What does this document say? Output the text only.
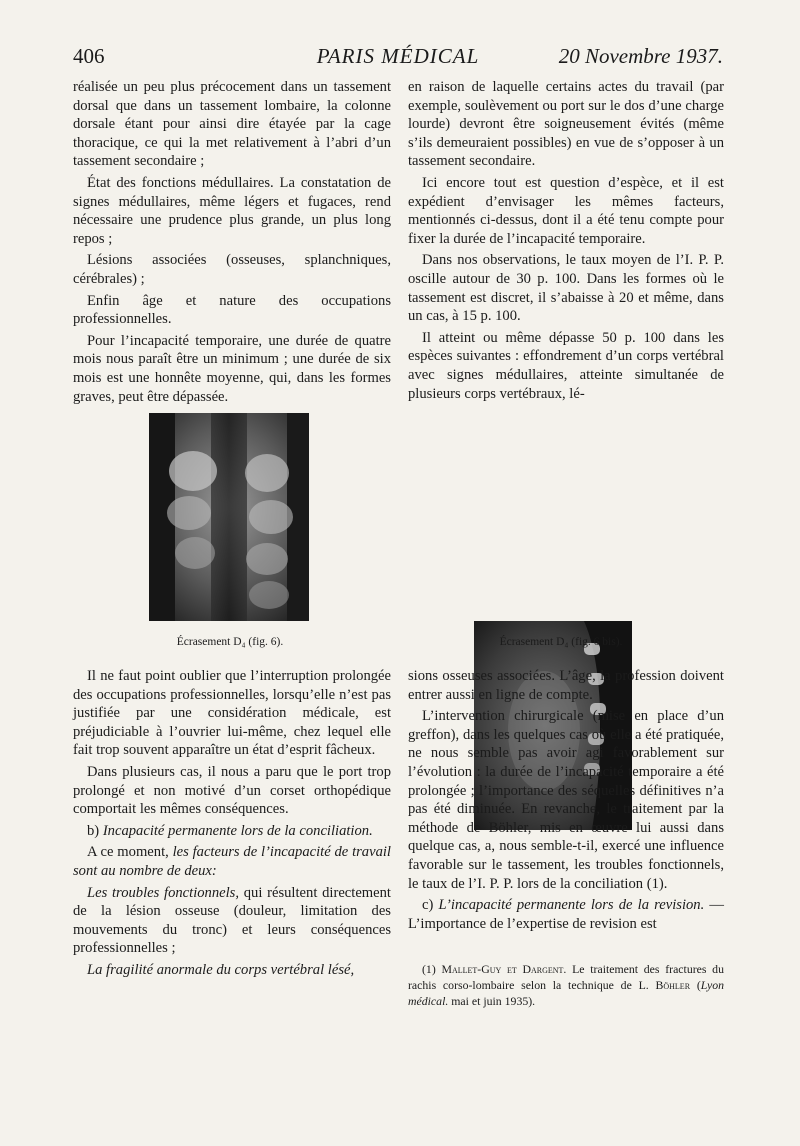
406	PARIS MÉDICAL	20 Novembre 1937.

réalisée un peu plus précocement dans un tassement dorsal que dans un tassement lombaire, la colonne dorsale étant pour ainsi dire étayée par la cage thoracique, ce qui la met relativement à l’abri d’un tassement secondaire ;

État des fonctions médullaires. La constatation de signes médullaires, même légers et fugaces, rend nécessaire une prudence plus grande, un plus long repos ;

Lésions associées (osseuses, splanchniques, cérébrales) ;

Enfin âge et nature des occupations professionnelles.

Pour l’incapacité temporaire, une durée de quatre mois nous paraît être un minimum ; une durée de six mois est une honnête moyenne, qui, dans les formes graves, peut être dépassée.

en raison de laquelle certains actes du travail (par exemple, soulèvement ou port sur le dos d’une charge lourde) devront être soigneusement évités (même s’ils demeuraient possibles) en vue de s’opposer à un tassement secondaire.

Ici encore tout est question d’espèce, et il est expédient d’envisager les mêmes facteurs, mentionnés ci-dessus, dont il a été tenu compte pour fixer la durée de l’incapacité temporaire.

Dans nos observations, le taux moyen de l’I. P. P. oscille autour de 30 p. 100. Dans les formes où le tassement est discret, il s’abaisse à 20 et même, dans un cas, à 15 p. 100.

Il atteint ou même dépasse 50 p. 100 dans les espèces suivantes : effondrement d’un corps vertébral avec signes médullaires, atteinte simultanée de plusieurs corps vertébraux, lé-

Écrasement D₄ (fig. 6).	Écrasement D₄ (fig. 6 bis).

Il ne faut point oublier que l’interruption prolongée des occupations professionnelles, lorsqu’elle n’est pas justifiée par une considération médicale, est préjudiciable à l’ouvrier lui-même, chez lequel elle fait trop souvent apparaître un état d’esprit fâcheux.

Dans plusieurs cas, il nous a paru que le port trop prolongé et non motivé d’un corset orthopédique comportait les mêmes conséquences.

b) Incapacité permanente lors de la conciliation.

A ce moment, les facteurs de l’incapacité de travail sont au nombre de deux:

Les troubles fonctionnels, qui résultent directement de la lésion osseuse (douleur, limitation des mouvements du tronc) et leurs conséquences professionnelles ;

La fragilité anormale du corps vertébral lésé,

sions osseuses associées. L’âge, la profession doivent entrer aussi en ligne de compte.

L’intervention chirurgicale (mise en place d’un greffon), dans les quelques cas où elle a été pratiquée, ne nous semble pas avoir agi favorablement sur l’évolution : la durée de l’incapacité temporaire a été prolongée ; l’importance des séquelles définitives n’a pas été diminuée. En revanche, le traitement par la méthode de Böhler, mis en œuvre lui aussi dans quelque cas, a, nous semble-t-il, exercé une influence favorable sur le tassement, les troubles fonctionnels, le taux de l’I. P. P. lors de la conciliation (1).

c) L’incapacité permanente lors de la revision. — L’importance de l’expertise de revision est

(1) Mallet-Guy et Dargent. Le traitement des fractures du rachis corso-lombaire selon la technique de L. Böhler (Lyon médical. mai et juin 1935).
